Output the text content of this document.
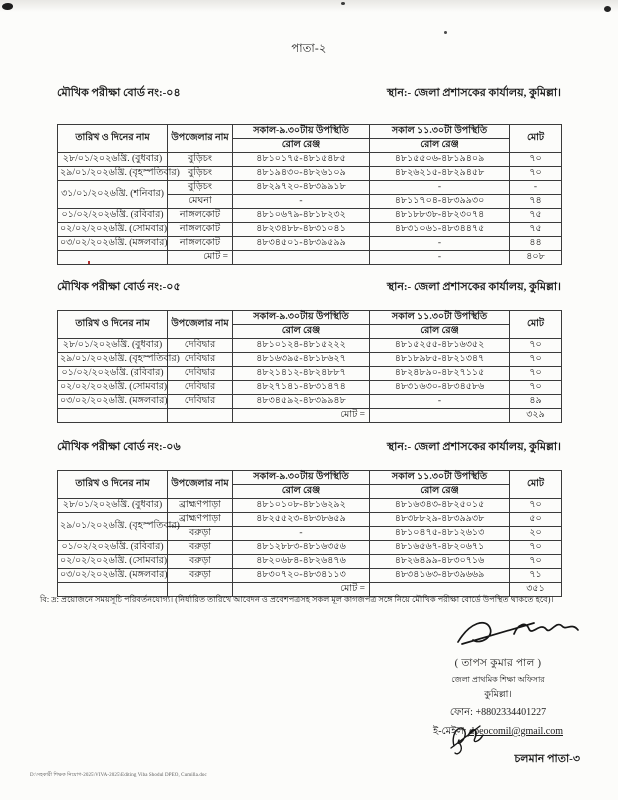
পাতা-২
মৌখিক পরীক্ষা বোর্ড নং:-০৪	স্থান:- জেলা প্রশাসকের কার্যালয়, কুমিল্লা।
তারিখ ও দিনের নাম	উপজেলার নাম	সকাল-৯.৩০টায় উপস্থিতি	সকাল ১১.৩০টা উপস্থিতি	মোট
		রোল রেঞ্জ	রোল রেঞ্জ	
২৮/০১/২০২৬খ্রি. (বুধবার)	বুড়িচং	৪৮১০১৭৫-৪৮১৫৪৮৫	৪৮১৫৫০৬-৪৮১৯৪০৯	৭০
২৯/০১/২০২৬খ্রি. (বৃহস্পতিবার)	বুড়িচং	৪৮১৯৪৩০-৪৮২৬১০৯	৪৮২৬২১৫-৪৮২৯৪৫৮	৭০
৩১/০১/২০২৬খ্রি. (শনিবার)	বুড়িচং	৪৮২৯৭২০-৪৮৩৯৯১৮	-	-
	মেঘনা	-	৪৮১১৭০৪-৪৮৩৯৯৩০	৭৪
০১/০২/২০২৬খ্রি. (রবিবার)	নাঙ্গলকোট	৪৮১০৬৭৯-৪৮১৮২৩২	৪৮১৮৮৩৮-৪৮২৩০৭৪	৭৫
০২/০২/২০২৬খ্রি. (সোমবার)	নাঙ্গলকোট	৪৮২৩৪৮৮-৪৮৩১০৪১	৪৮৩১০৬১-৪৮৩৪৪৭৫	৭৫
০৩/০২/২০২৬খ্রি. (মঙ্গলবার)	নাঙ্গলকোট	৪৮৩৪৫০১-৪৮৩৯৫৯৯	-	৪৪
	মোট =		-	৪০৮
মৌখিক পরীক্ষা বোর্ড নং:-০৫	স্থান:- জেলা প্রশাসকের কার্যালয়, কুমিল্লা।
তারিখ ও দিনের নাম	উপজেলার নাম	সকাল-৯.৩০টায় উপস্থিতি	সকাল ১১.৩০টা উপস্থিতি	মোট
		রোল রেঞ্জ	রোল রেঞ্জ	
২৮/০১/২০২৬খ্রি. (বুধবার)	দেবিদ্বার	৪৮১০১২৪-৪৮১৫২২২	৪৮১৫২৫৫-৪৮১৬৩৫২	৭০
২৯/০১/২০২৬খ্রি. (বৃহস্পতিবার)	দেবিদ্বার	৪৮১৬৩৯৫-৪৮১৮৬২৭	৪৮১৮৯৮৫-৪৮২১৩৪৭	৭০
০১/০২/২০২৬খ্রি. (রবিবার)	দেবিদ্বার	৪৮২১৪১২-৪৮২৪৮৮৭	৪৮২৪৮৯০-৪৮২৭১১৫	৭০
০২/০২/২০২৬খ্রি. (সোমবার)	দেবিদ্বার	৪৮২৭১৪১-৪৮৩১৪৭৪	৪৮৩১৬৩০-৪৮৩৪৫৮৬	৭০
০৩/০২/২০২৬খ্রি. (মঙ্গলবার)	দেবিদ্বার	৪৮৩৪৫৯২-৪৮৩৯৯৪৮	-	৪৯
		মোট =		৩২৯
মৌখিক পরীক্ষা বোর্ড নং:-০৬	স্থান:- জেলা প্রশাসকের কার্যালয়, কুমিল্লা।
তারিখ ও দিনের নাম	উপজেলার নাম	সকাল-৯.৩০টায় উপস্থিতি	সকাল ১১.৩০টা উপস্থিতি	মোট
		রোল রেঞ্জ	রোল রেঞ্জ	
২৮/০১/২০২৬খ্রি. (বুধবার)	ব্রাহ্মণপাড়া	৪৮১০১০৮-৪৮১৬২৯২	৪৮১৬৩৪৩-৪৮২৫০১৫	৭০
২৯/০১/২০২৬খ্রি. (বৃহস্পতিবার)	ব্রাহ্মণপাড়া	৪৮২৫৫২৩-৪৮৩৮৬৫৯	৪৮৩৮৮২৯-৪৮৩৯৯৩৮	৫০
	বরুড়া	-	৪৮১০৪৭৫-৪৮১২৬১৩	২০
০১/০২/২০২৬খ্রি. (রবিবার)	বরুড়া	৪৮১২৮৮৩-৪৮১৬৩৫৬	৪৮১৬৫৬৭-৪৮২০৬৭১	৭০
০২/০২/২০২৬খ্রি. (সোমবার)	বরুড়া	৪৮২০৬৮৪-৪৮২৬৪৭৬	৪৮২৬৪৯৯-৪৮৩০৭১৬	৭০
০৩/০২/২০২৬খ্রি. (মঙ্গলবার)	বরুড়া	৪৮৩০৭২০-৪৮৩৪১১৩	৪৮৩৪১৬৩-৪৮৩৯৬৬৯	৭১
		মোট =		৩৫১
বি: দ্র: প্রয়োজনে সময়সূচি পরিবর্তনযোগ্য। (নির্ধারিত তারিখে আবেদন ও প্রবেশপত্রসহ সকল মূল কাগজপত্র সঙ্গে নিয়ে মৌখিক পরীক্ষা বোর্ডে উপস্থিত থাকতে হবে)।
( তাপস কুমার পাল )
জেলা প্রাথমিক শিক্ষা অফিসার
কুমিল্লা।
ফোন: +8802334401227
ই-মেইল: dpeocomil@gmail.com
চলমান পাতা-৩
D:\সহকারী শিক্ষক নিয়োগ-2025\VIVA-2025\Editing Viba Shodul DPEO, Cumilla.doc
